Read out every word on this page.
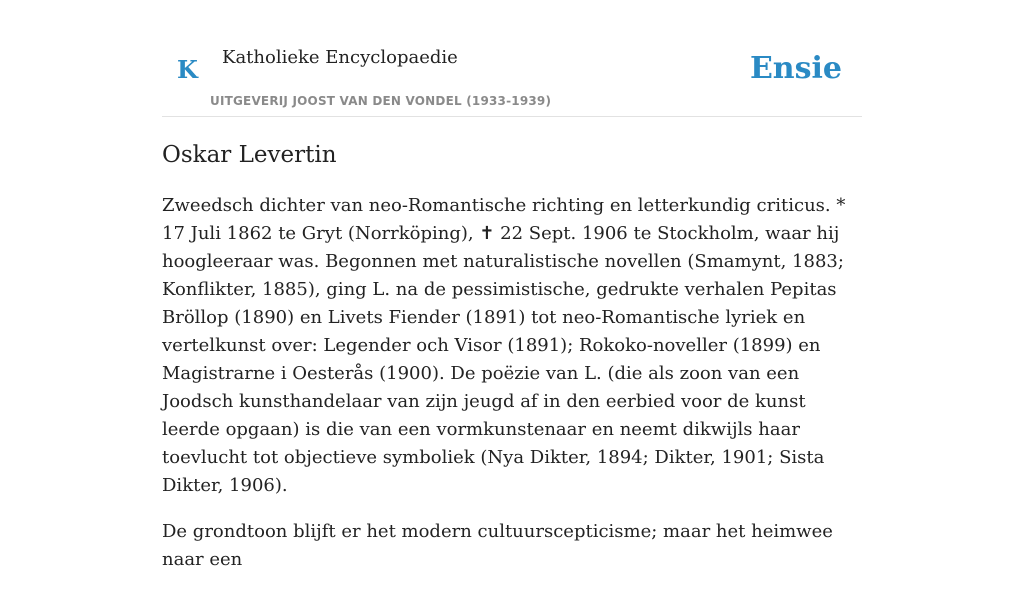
K Katholieke Encyclopaedie
UITGEVERIJ JOOST VAN DEN VONDEL (1933-1939)
Ensie
Oskar Levertin

Zweedsch dichter van neo-Romantische richting en letterkundig criticus. * 17 Juli 1862 te Gryt (Norrköping), ✝ 22 Sept. 1906 te Stockholm, waar hij hoogleeraar was. Begonnen met naturalistische novellen (Smamynt, 1883; Konflikter, 1885), ging L. na de pessimistische, gedrukte verhalen Pepitas Bröllop (1890) en Livets Fiender (1891) tot neo-Romantische lyriek en vertelkunst over: Legender och Visor (1891); Rokoko-noveller (1899) en Magistrarne i Oesterås (1900). De poëzie van L. (die als zoon van een Joodsch kunsthandelaar van zijn jeugd af in den eerbied voor de kunst leerde opgaan) is die van een vormkunstenaar en neemt dikwijls haar toevlucht tot objectieve symboliek (Nya Dikter, 1894; Dikter, 1901; Sista Dikter, 1906).

De grondtoon blijft er het modern cultuurscepticisme; maar het heimwee naar een
